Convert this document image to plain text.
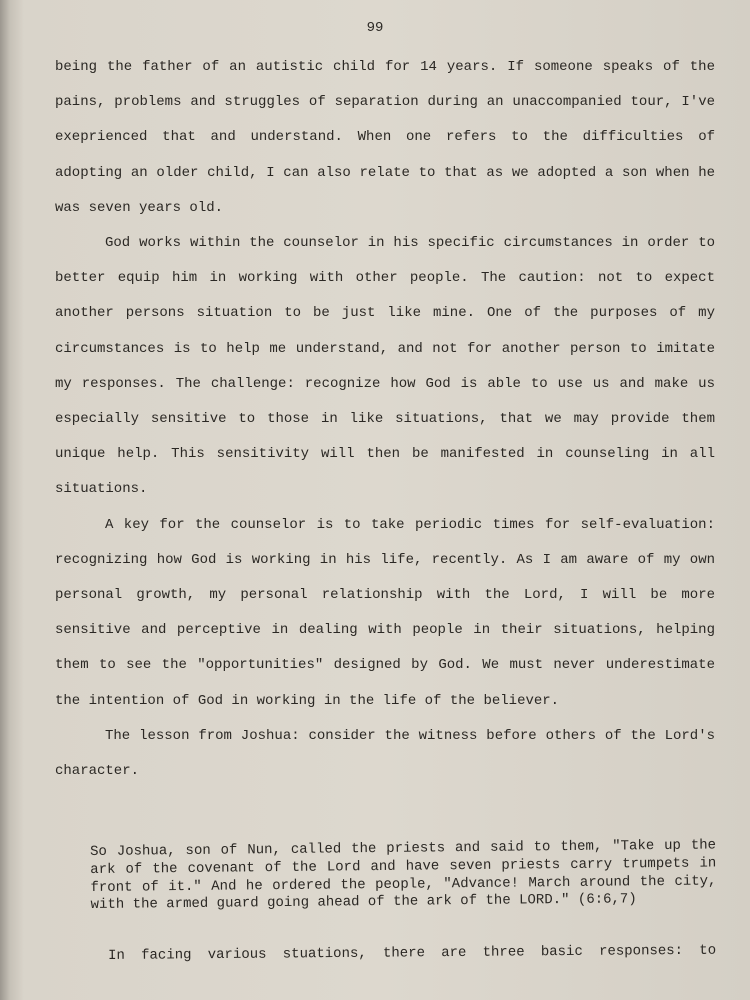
99

being the father of an autistic child for 14 years. If someone speaks of the pains, problems and struggles of separation during an unaccompanied tour, I've exeprienced that and understand. When one refers to the difficulties of adopting an older child, I can also relate to that as we adopted a son when he was seven years old.

God works within the counselor in his specific circumstances in order to better equip him in working with other people. The caution: not to expect another persons situation to be just like mine. One of the purposes of my circumstances is to help me understand, and not for another person to imitate my responses. The challenge: recognize how God is able to use us and make us especially sensitive to those in like situations, that we may provide them unique help. This sensitivity will then be manifested in counseling in all situations.

A key for the counselor is to take periodic times for self-evaluation: recognizing how God is working in his life, recently. As I am aware of my own personal growth, my personal relationship with the Lord, I will be more sensitive and perceptive in dealing with people in their situations, helping them to see the "opportunities" designed by God. We must never underestimate the intention of God in working in the life of the believer.

The lesson from Joshua: consider the witness before others of the Lord's character.

So Joshua, son of Nun, called the priests and said to them, "Take up the ark of the covenant of the Lord and have seven priests carry trumpets in front of it." And he ordered the people, "Advance! March around the city, with the armed guard going ahead of the ark of the LORD." (6:6,7)

In facing various stuations, there are three basic responses: to
